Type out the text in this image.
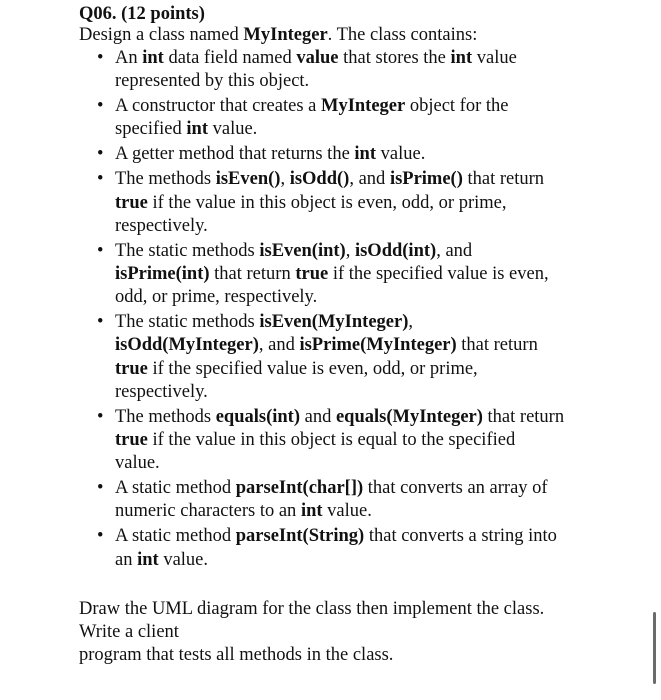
Q06. (12 points)
Design a class named MyInteger. The class contains:
• An int data field named value that stores the int value
represented by this object.
• A constructor that creates a MyInteger object for the
specified int value.
• A getter method that returns the int value.
• The methods isEven(), isOdd(), and isPrime() that return
true if the value in this object is even, odd, or prime,
respectively.
• The static methods isEven(int), isOdd(int), and
isPrime(int) that return true if the specified value is even,
odd, or prime, respectively.
• The static methods isEven(MyInteger),
isOdd(MyInteger), and isPrime(MyInteger) that return
true if the specified value is even, odd, or prime,
respectively.
• The methods equals(int) and equals(MyInteger) that return
true if the value in this object is equal to the specified
value.
• A static method parseInt(char[]) that converts an array of
numeric characters to an int value.
• A static method parseInt(String) that converts a string into
an int value.
Draw the UML diagram for the class then implement the class.
Write a client
program that tests all methods in the class.
